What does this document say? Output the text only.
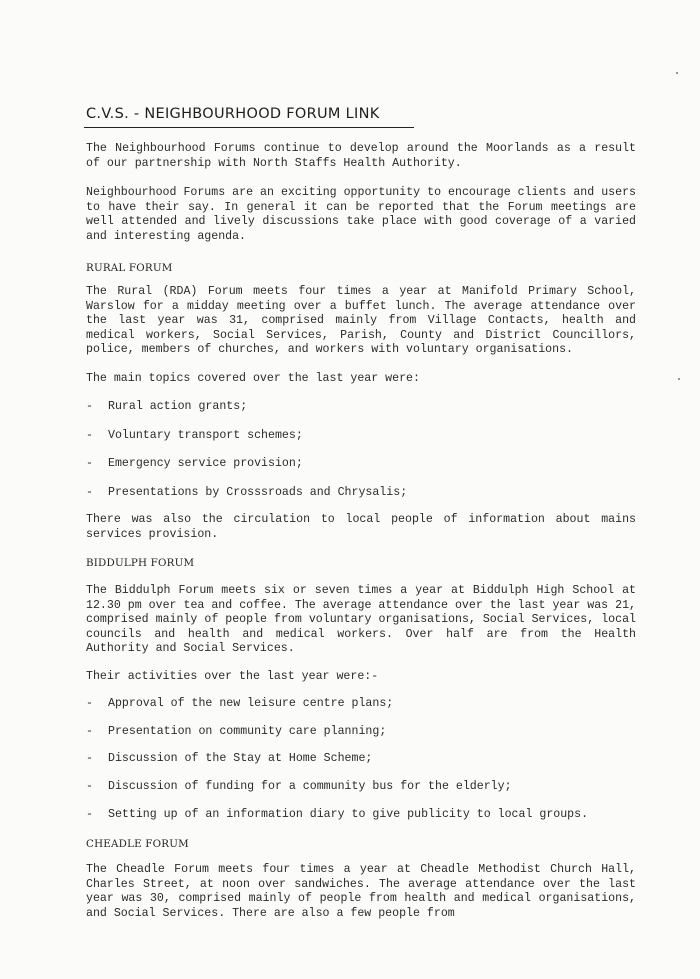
C.V.S. - NEIGHBOURHOOD FORUM LINK

The Neighbourhood Forums continue to develop around the Moorlands as a result of our partnership with North Staffs Health Authority.

Neighbourhood Forums are an exciting opportunity to encourage clients and users to have their say. In general it can be reported that the Forum meetings are well attended and lively discussions take place with good coverage of a varied and interesting agenda.

RURAL FORUM

The Rural (RDA) Forum meets four times a year at Manifold Primary School, Warslow for a midday meeting over a buffet lunch. The average attendance over the last year was 31, comprised mainly from Village Contacts, health and medical workers, Social Services, Parish, County and District Councillors, police, members of churches, and workers with voluntary organisations.

The main topics covered over the last year were:

- Rural action grants;
- Voluntary transport schemes;
- Emergency service provision;
- Presentations by Crosssroads and Chrysalis;

There was also the circulation to local people of information about mains services provision.

BIDDULPH FORUM

The Biddulph Forum meets six or seven times a year at Biddulph High School at 12.30 pm over tea and coffee. The average attendance over the last year was 21, comprised mainly of people from voluntary organisations, Social Services, local councils and health and medical workers. Over half are from the Health Authority and Social Services.

Their activities over the last year were:-

- Approval of the new leisure centre plans;
- Presentation on community care planning;
- Discussion of the Stay at Home Scheme;
- Discussion of funding for a community bus for the elderly;
- Setting up of an information diary to give publicity to local groups.
CHEADLE FORUM

The Cheadle Forum meets four times a year at Cheadle Methodist Church Hall, Charles Street, at noon over sandwiches. The average attendance over the last year was 30, comprised mainly of people from health and medical organisations, and Social Services. There are also a few people from
